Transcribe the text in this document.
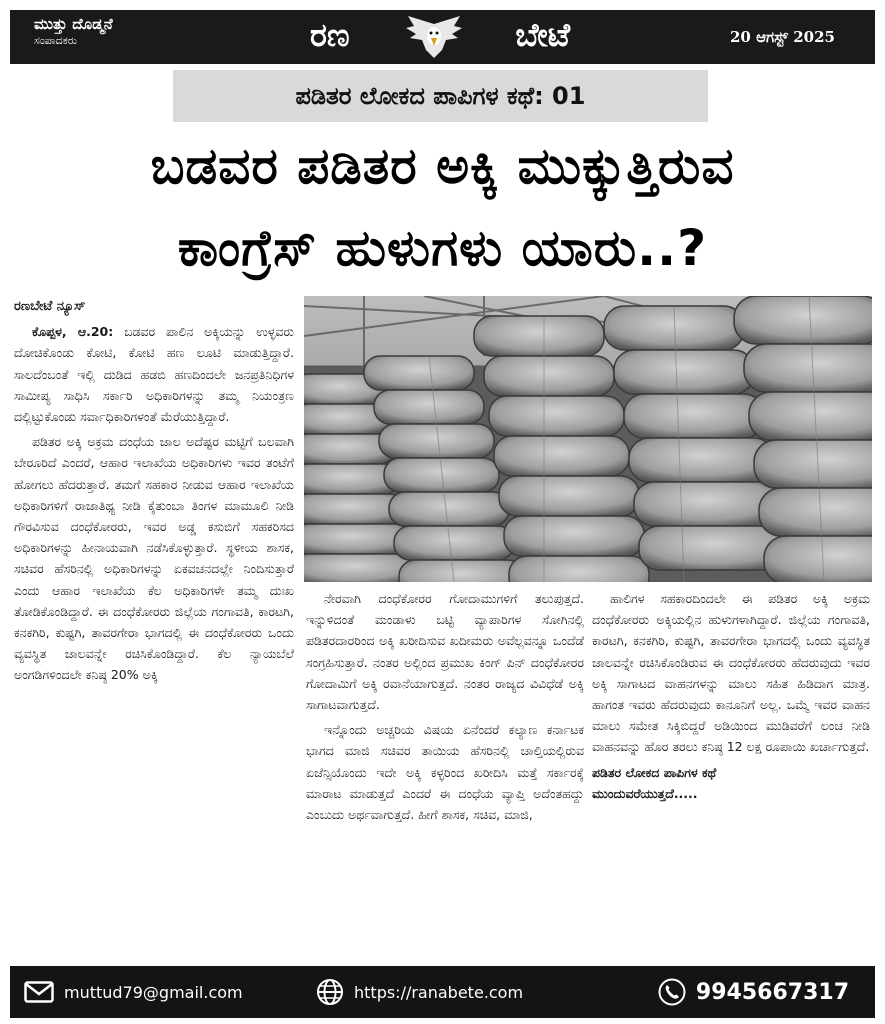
ಮುತ್ತು ದೊಡ್ಮನೆ
ಸಂಪಾದಕರು	ರಣ	ಬೇಟೆ	20 ಆಗಸ್ಟ್ 2025
ಪಡಿತರ ಲೋಕದ ಪಾಪಿಗಳ ಕಥೆ: 01
ಬಡವರ ಪಡಿತರ ಅಕ್ಕಿ ಮುಕ್ಕುತ್ತಿರುವ
ಕಾಂಗ್ರೆಸ್ ಹುಳುಗಳು ಯಾರು..?

ರಣಬೇಟೆ ನ್ಯೂಸ್

ಕೊಪ್ಪಳ, ಆ.20: ಬಡವರ ಪಾಲಿನ ಅಕ್ಕಿಯನ್ನು ಉಳ್ಳವರು ದೋಚಿಕೊಂಡು ಕೋಟಿ, ಕೋಟಿ ಹಣ ಲೂಟಿ ಮಾಡುತ್ತಿದ್ದಾರೆ. ಸಾಲದೆಂಬಂತೆ ಇಲ್ಲಿ ದುಡಿದ ಹಡಬಿ ಹಣದಿಂದಲೇ ಜನಪ್ರತಿನಿಧಿಗಳ ಸಾಮೀಪ್ಯ ಸಾಧಿಸಿ ಸರ್ಕಾರಿ ಅಧಿಕಾರಿಗಳನ್ನು ತಮ್ಮ ನಿಯಂತ್ರಣ ದಲ್ಲಿಟ್ಟುಕೊಂಡು ಸರ್ವಾಧಿಕಾರಿಗಳಂತೆ ಮೆರೆಯುತ್ತಿದ್ದಾರೆ.

ಪಡಿತರ ಅಕ್ಕಿ ಅಕ್ರಮ ದಂಧೆಯ ಜಾಲ ಅದೆಷ್ಟರ ಮಟ್ಟಿಗೆ ಬಲವಾಗಿ ಬೇರೂರಿದೆ ಎಂದರೆ, ಆಹಾರ ಇಲಾಖೆಯ ಅಧಿಕಾರಿಗಳು ಇವರ ತಂಟೆಗೆ ಹೋಗಲು ಹೆದರುತ್ತಾರೆ. ತಮಗೆ ಸಹಕಾರ ನೀಡುವ ಆಹಾರ ಇಲಾಖೆಯ ಅಧಿಕಾರಿಗಳಿಗೆ ರಾಜಾತಿಥ್ಯ ನೀಡಿ ಕೈತುಂಬಾ ತಿಂಗಳ ಮಾಮೂಲಿ ನೀಡಿ ಗೌರವಿಸುವ ದಂಧೆಕೋರರು, ಇವರ ಅಡ್ಡ ಕಸುಬಿಗೆ ಸಹಕರಿಸದ ಅಧಿಕಾರಿಗಳನ್ನು ಹೀನಾಯವಾಗಿ ನಡೆಸಿಕೊಳ್ಳುತ್ತಾರೆ. ಸ್ಥಳೀಯ ಶಾಸಕ, ಸಚಿವರ ಹೆಸರಿನಲ್ಲಿ ಅಧಿಕಾರಿಗಳನ್ನು ಏಕವಚನದಲ್ಲೇ ನಿಂದಿಸುತ್ತಾರೆ ಎಂದು ಆಹಾರ ಇಲಾಖೆಯ ಕೆಲ ಅಧಿಕಾರಿಗಳೇ ತಮ್ಮ ದುಃಖ ತೋಡಿಕೊಂಡಿದ್ದಾರೆ. ಈ ದಂಧೆಕೋರರು ಜಿಲ್ಲೆಯ ಗಂಗಾವತಿ, ಕಾರಟಗಿ, ಕನಕಗಿರಿ, ಕುಷ್ಟಗಿ, ತಾವರಗೇರಾ ಭಾಗದಲ್ಲಿ ಈ ದಂಧೆಕೋರರು ಒಂದು ವ್ಯವಸ್ಥಿತ ಜಾಲವನ್ನೇ ರಚಿಸಿಕೊಂಡಿದ್ದಾರೆ. ಕೆಲ ನ್ಯಾಯಬೆಲೆ ಅಂಗಡಿಗಳಿಂದಲೇ ಕನಿಷ್ಠ 20% ಅಕ್ಕಿ

ನೇರವಾಗಿ ದಂಧೆಕೋರರ ಗೋದಾಮುಗಳಿಗೆ ತಲುಪುತ್ತದೆ. ಇನ್ನುಳಿದಂತೆ ಮಂಡಾಳು ಬಟ್ಟಿ ವ್ಯಾಪಾರಿಗಳ ಸೋಗಿನಲ್ಲಿ ಪಡಿತರದಾರರಿಂದ ಅಕ್ಕಿ ಖರೀದಿಸುವ ಖದೀಮರು ಅವೆಲ್ಲವನ್ನೂ ಒಂದೆಡೆ ಸಂಗ್ರಹಿಸುತ್ತಾರೆ. ನಂತರ ಅಲ್ಲಿಂದ ಪ್ರಮುಖ ಕಿಂಗ್ ಪಿನ್ ದಂಧೆಕೋರರ ಗೋದಾಮಿಗೆ ಅಕ್ಕಿ ರವಾನೆಯಾಗುತ್ತದೆ. ನಂತರ ರಾಜ್ಯದ ವಿವಿಧೆಡೆ ಅಕ್ಕಿ ಸಾಗಾಟವಾಗುತ್ತದೆ.

ಇನ್ನೊಂದು ಅಚ್ಚರಿಯ ವಿಷಯ ಏನೆಂದರೆ ಕಲ್ಯಾಣ ಕರ್ನಾಟಕ ಭಾಗದ ಮಾಜಿ ಸಚಿವರ ತಾಯಿಯ ಹೆಸರಿನಲ್ಲಿ ಚಾಲ್ತಿಯಲ್ಲಿರುವ ಏಜೆನ್ಸಿಯೊಂದು ಇದೇ ಅಕ್ಕಿ ಕಳ್ಳರಿಂದ ಖರೀದಿಸಿ ಮತ್ತೆ ಸರ್ಕಾರಕ್ಕೆ ಮಾರಾಟ ಮಾಡುತ್ತದೆ ಎಂದರೆ ಈ ದಂಧೆಯ ವ್ಯಾಪ್ತಿ ಅದೆಂತಹದ್ದು ಎಂಬುದು ಅರ್ಥವಾಗುತ್ತದೆ. ಹೀಗೆ ಶಾಸಕ, ಸಚಿವ, ಮಾಜಿ,

ಹಾಲಿಗಳ ಸಹಕಾರದಿಂದಲೇ ಈ ಪಡಿತರ ಅಕ್ಕಿ ಅಕ್ರಮ ದಂಧೆಕೋರರು ಅಕ್ಕಿಯಲ್ಲಿನ ಹುಳುಗಳಾಗಿದ್ದಾರೆ. ಜಿಲ್ಲೆಯ ಗಂಗಾವತಿ, ಕಾರಟಗಿ, ಕನಕಗಿರಿ, ಕುಷ್ಟಗಿ, ತಾವರಗೇರಾ ಭಾಗದಲ್ಲಿ ಒಂದು ವ್ಯವಸ್ಥಿತ ಜಾಲವನ್ನೇ ರಚಿಸಿಕೊಂಡಿರುವ ಈ ದಂಧೆಕೋರರು ಹೆದರುವುದು ಇವರ ಅಕ್ಕಿ ಸಾಗಾಟದ ವಾಹನಗಳನ್ನು ಮಾಲು ಸಹಿತ ಹಿಡಿದಾಗ ಮಾತ್ರ. ಹಾಗಂತ ಇವರು ಹೆದರುವುದು ಕಾನೂನಿಗೆ ಅಲ್ಲ. ಒಮ್ಮೆ ಇವರ ವಾಹನ ಮಾಲು ಸಮೇತ ಸಿಕ್ಕಿಬಿದ್ದರೆ ಅಡಿಯಿಂದ ಮುಡಿವರೆಗೆ ಲಂಚ ನೀಡಿ ವಾಹನವನ್ನು ಹೊರ ತರಲು ಕನಿಷ್ಠ 12 ಲಕ್ಷ ರೂಪಾಯಿ ಖರ್ಚಾಗುತ್ತದೆ.

ಪಡಿತರ ಲೋಕದ ಪಾಪಿಗಳ ಕಥೆ
ಮುಂದುವರೆಯುತ್ತದೆ.....

muttud79@gmail.com	https://ranabete.com	9945667317
